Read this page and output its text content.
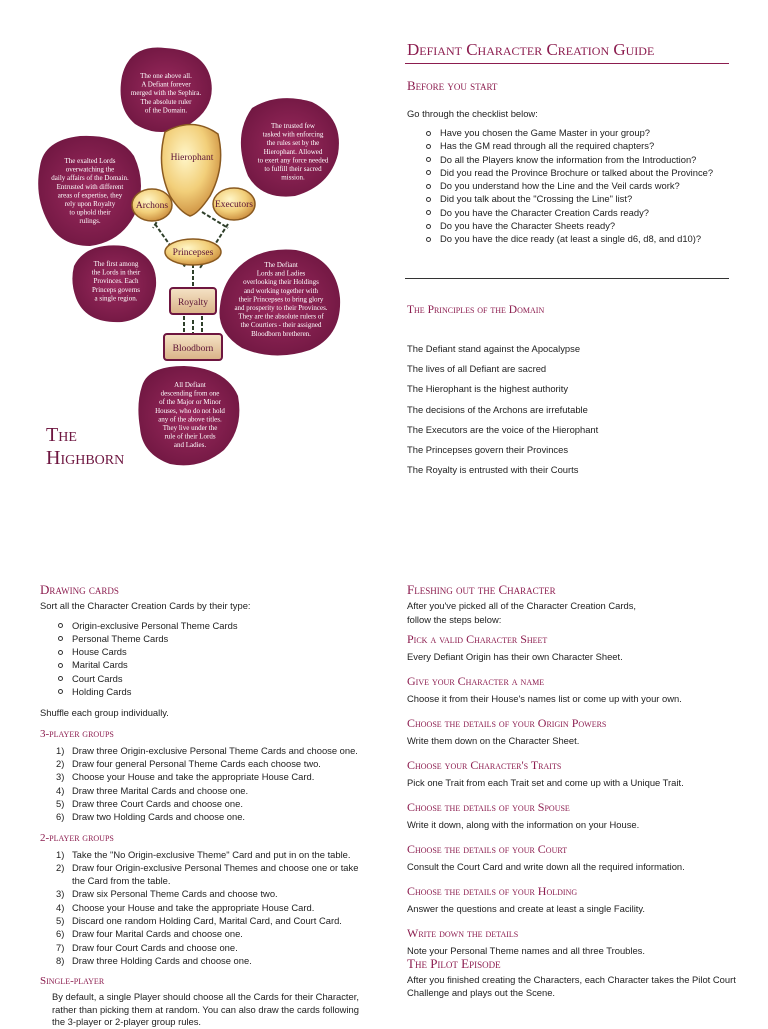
Hierophant
Archons	Executors
Princepses
Royalty
Bloodborn
The one above all.
A Defiant forever
merged with the Sephira.
The absolute ruler
of the Domain.
The trusted few
tasked with enforcing
the rules set by the
Hierophant. Allowed
to exert any force needed
to fulfill their sacred
mission.
The exalted Lords
overwatching the
daily affairs of the Domain.
Entrusted with different
areas of expertise, they
rely upon Royalty
to uphold their
rulings.
The first among
the Lords in their
Provinces. Each
Princeps governs
a single region.
The Defiant
Lords and Ladies
overlooking their Holdings
and working together with
their Princepses to bring glory
and prosperity to their Provinces.
They are the absolute rulers of
the Courtiers - their assigned
Bloodborn bretheren.
All Defiant
descending from one
of the Major or Minor
Houses, who do not hold
any of the above titles.
They live under the
rule of their Lords
and Ladies.
The
Highborn
Defiant Character Creation Guide
Before you start
Go through the checklist below:
Have you chosen the Game Master in your group?
Has the GM read through all the required chapters?
Do all the Players know the information from the Introduction?
Did you read the Province Brochure or talked about the Province?
Do you understand how the Line and the Veil cards work?
Did you talk about the "Crossing the Line" list?
Do you have the Character Creation Cards ready?
Do you have the Character Sheets ready?
Do you have the dice ready (at least a single d6, d8, and d10)?
The Principles of the Domain
The Defiant stand against the Apocalypse
The lives of all Defiant are sacred
The Hierophant is the highest authority
The decisions of the Archons are irrefutable
The Executors are the voice of the Hierophant
The Princepses govern their Provinces
The Royalty is entrusted with their Courts
Drawing cards
Sort all the Character Creation Cards by their type:
Origin-exclusive Personal Theme Cards
Personal Theme Cards
House Cards
Marital Cards
Court Cards
Holding Cards
Shuffle each group individually.
3-player groups
1) Draw three Origin-exclusive Personal Theme Cards and choose one.
2) Draw four general Personal Theme Cards each choose two.
3) Choose your House and take the appropriate House Card.
4) Draw three Marital Cards and choose one.
5) Draw three Court Cards and choose one.
6) Draw two Holding Cards and choose one.
2-player groups
1) Take the "No Origin-exclusive Theme" Card and put in on the table.
2) Draw four Origin-exclusive Personal Themes and choose one or take the Card from the table.
3) Draw six Personal Theme Cards and choose two.
4) Choose your House and take the appropriate House Card.
5) Discard one random Holding Card, Marital Card, and Court Card.
6) Draw four Marital Cards and choose one.
7) Draw four Court Cards and choose one.
8) Draw three Holding Cards and choose one.
Single-player
By default, a single Player should choose all the Cards for their Character, rather than picking them at random. You can also draw the cards following the 3-player or 2-player group rules.
Fleshing out the Character
After you've picked all of the Character Creation Cards, follow the steps below:
Pick a valid Character Sheet
Every Defiant Origin has their own Character Sheet.
Give your Character a name
Choose it from their House's names list or come up with your own.
Choose the details of your Origin Powers
Write them down on the Character Sheet.
Choose your Character's Traits
Pick one Trait from each Trait set and come up with a Unique Trait.
Choose the details of your Spouse
Write it down, along with the information on your House.
Choose the details of your Court
Consult the Court Card and write down all the required information.
Choose the details of your Holding
Answer the questions and create at least a single Facility.
Write down the details
Note your Personal Theme names and all three Troubles.
The Pilot Episode
After you finished creating the Characters, each Character takes the Pilot Court Challenge and plays out the Scene.
